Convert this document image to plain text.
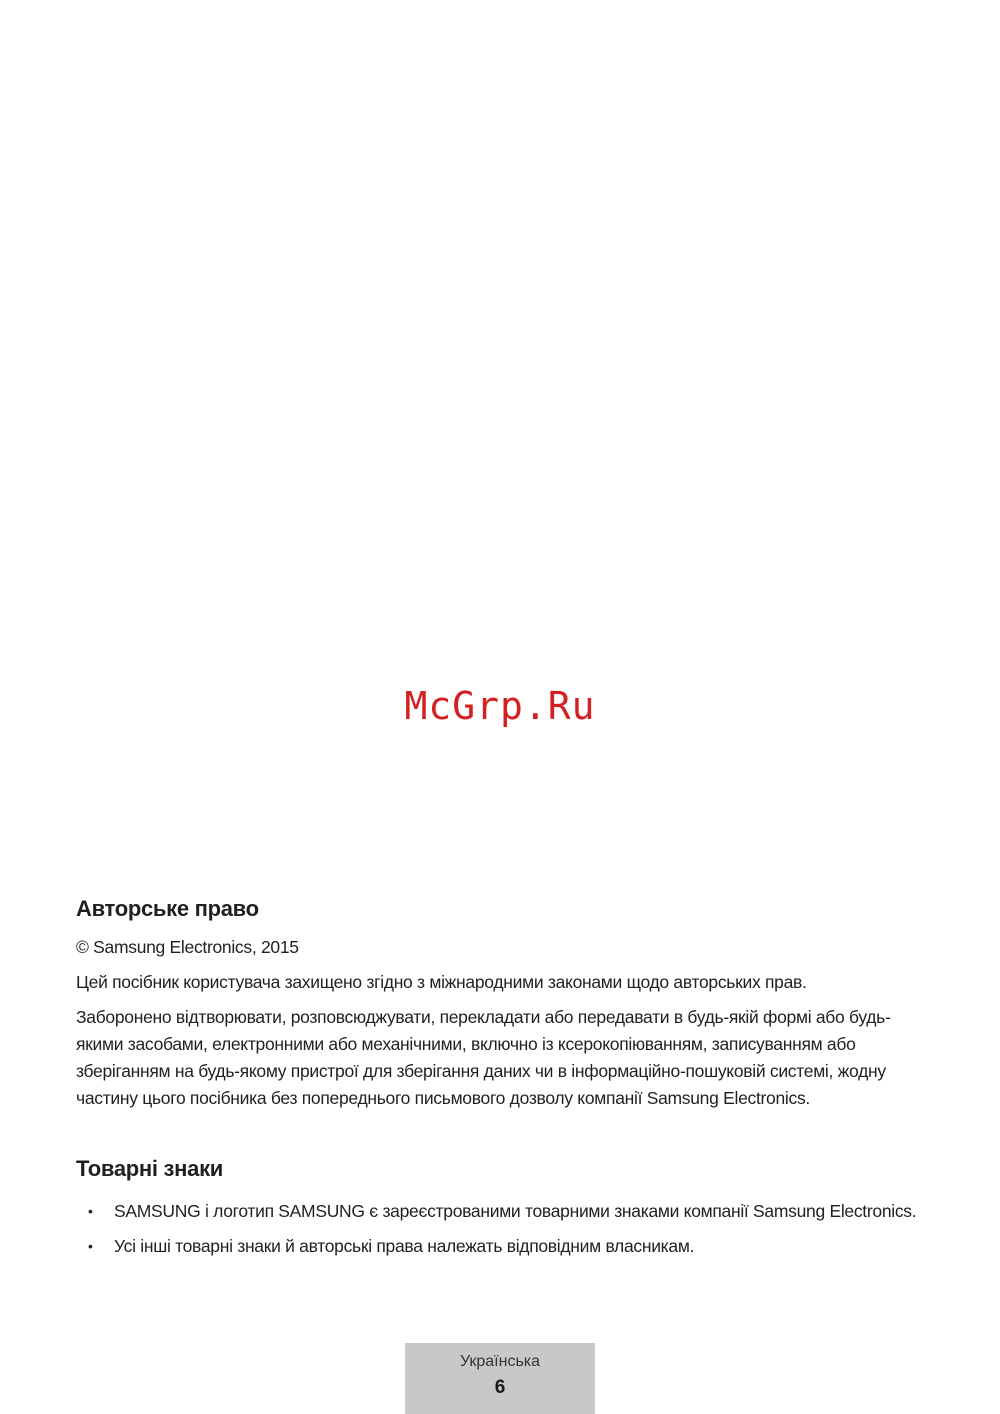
McGrp.Ru
Авторське право

© Samsung Electronics, 2015

Цей посібник користувача захищено згідно з міжнародними законами щодо авторських прав.

Заборонено відтворювати, розповсюджувати, перекладати або передавати в будь-якій формі або будь-якими засобами, електронними або механічними, включно із ксерокопіюванням, записуванням або зберіганням на будь-якому пристрої для зберігання даних чи в інформаційно-пошуковій системі, жодну частину цього посібника без попереднього письмового дозволу компанії Samsung Electronics.

Товарні знаки
• SAMSUNG і логотип SAMSUNG є зареєстрованими товарними знаками компанії Samsung Electronics.
• Усі інші товарні знаки й авторські права належать відповідним власникам.
Українська
6
